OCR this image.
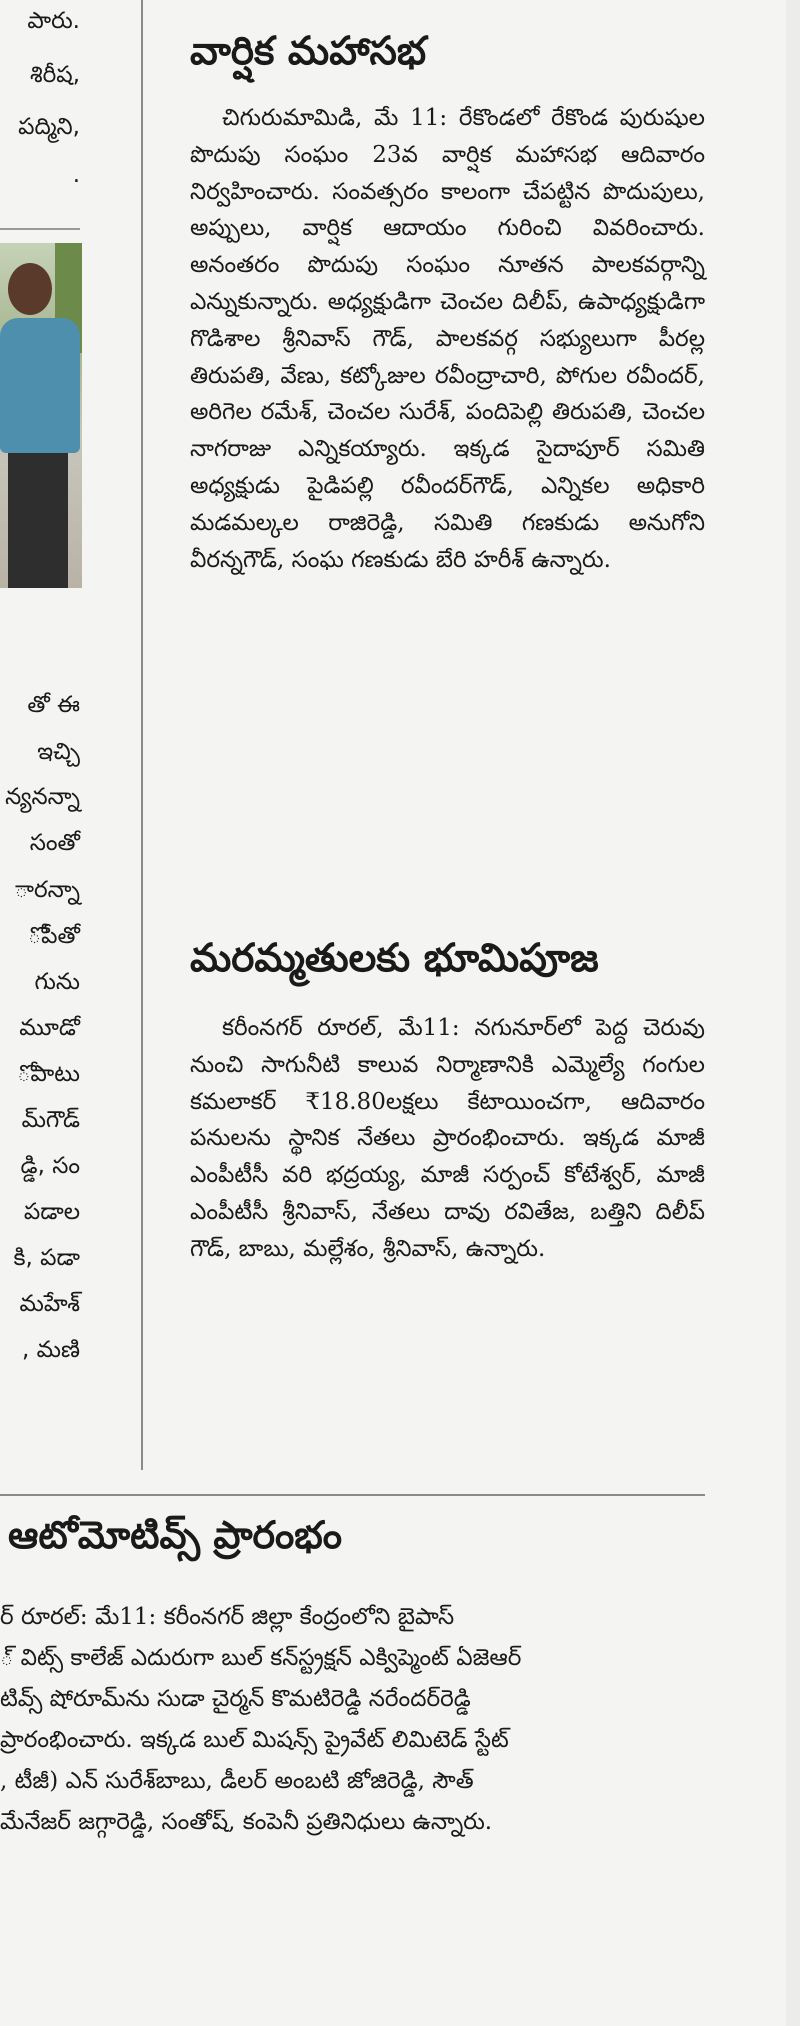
పారు.
శిరీష,
పద్మిని,
.
తో ఈ
ఇచ్చి
న్యనన్నా
సంతో
ారన్నా
ోపేతో
గును
మూడో
ోపాటు
మ్‌గౌడ్
డ్డి, సం
పడాల
కి, పడా
మహేశ్
, మణి
వార్షిక మహాసభ
చిగురుమామిడి, మే 11: రేకొండలో రేకొండ పురుషుల పొదుపు సంఘం 23వ వార్షిక మహాసభ ఆదివారం నిర్వహించారు. సంవత్సరం కాలంగా చేపట్టిన పొదుపులు, అప్పులు, వార్షిక ఆదాయం గురించి వివరించారు. అనంతరం పొదుపు సంఘం నూతన పాలకవర్గాన్ని ఎన్నుకున్నారు. అధ్యక్షుడిగా చెంచల దిలీప్, ఉపాధ్యక్షుడిగా గొడిశాల శ్రీనివాస్ గౌడ్, పాలకవర్గ సభ్యులుగా పీరల్ల తిరుపతి, వేణు, కట్కోజుల రవీంద్రాచారి, పోగుల రవీందర్, అరిగెల రమేశ్, చెంచల సురేశ్, పందిపెల్లి తిరుపతి, చెంచల నాగరాజు ఎన్నికయ్యారు. ఇక్కడ సైదాపూర్ సమితి అధ్యక్షుడు పైడిపల్లి రవీందర్‌గౌడ్, ఎన్నికల అధికారి మడమల్కల రాజిరెడ్డి, సమితి గణకుడు అనుగోని వీరన్నగౌడ్, సంఘ గణకుడు బేరి హరీశ్ ఉన్నారు.
మరమ్మతులకు భూమిపూజ
కరీంనగర్ రూరల్, మే11: నగునూర్‌లో పెద్ద చెరువు నుంచి సాగునీటి కాలువ నిర్మాణానికి ఎమ్మెల్యే గంగుల కమలాకర్ ₹18.80లక్షలు కేటాయించగా, ఆదివారం పనులను స్థానిక నేతలు ప్రారంభించారు. ఇక్కడ మాజీ ఎంపీటీసీ వరి భద్రయ్య, మాజీ సర్పంచ్ కోటేశ్వర్, మాజీ ఎంపీటీసీ శ్రీనివాస్, నేతలు దావు రవితేజ, బత్తిని దిలీప్ గౌడ్, బాబు, మల్లేశం, శ్రీనివాస్, ఉన్నారు.
ఆటోమోటివ్స్ ప్రారంభం
ర్ రూరల్: మే11: కరీంనగర్ జిల్లా కేంద్రంలోని బైపాస్
్ విట్స్ కాలేజ్ ఎదురుగా బుల్ కన్‌స్ట్రక్షన్ ఎక్విప్మెంట్ ఏజెఆర్
టివ్స్ షోరూమ్‌ను సుడా చైర్మన్ కొమటిరెడ్డి నరేందర్‌రెడ్డి
ప్రారంభించారు. ఇక్కడ బుల్ మిషన్స్ ప్రైవేట్ లిమిటెడ్ స్టేట్
, టీజీ) ఎన్ సురేశ్‌బాబు, డీలర్ అంబటి జోజిరెడ్డి, సౌత్
మేనేజర్ జగ్గారెడ్డి, సంతోష్, కంపెనీ ప్రతినిధులు ఉన్నారు.
